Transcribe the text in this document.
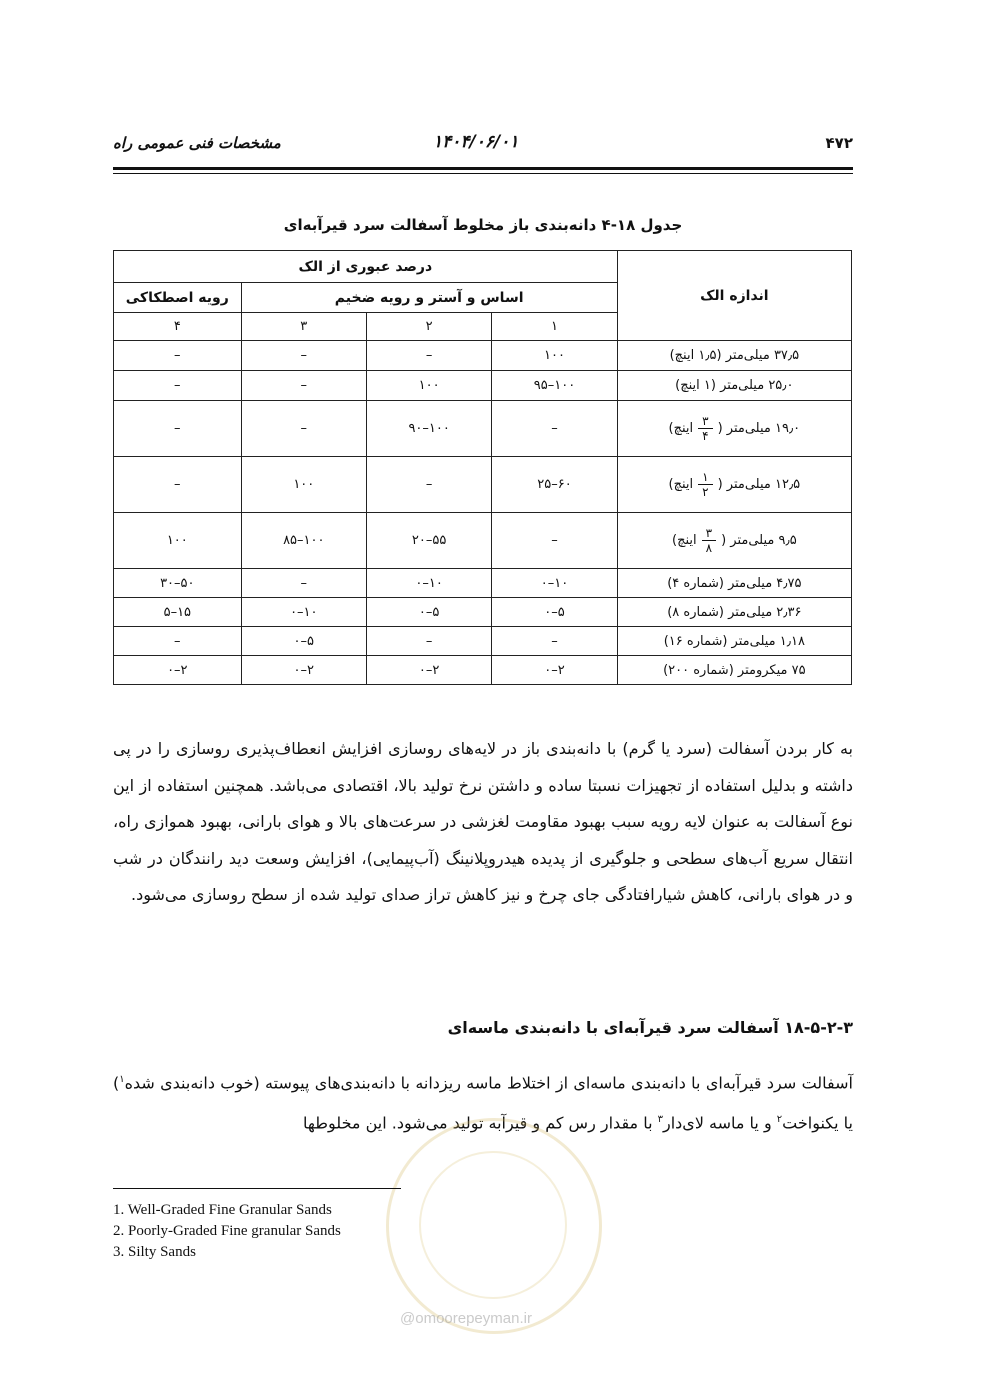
۴۷۲
۱۴۰۴/۰۶/۰۱
مشخصات فنی عمومی راه
جدول ۱۸-۴ دانه‌بندی باز مخلوط آسفالت سرد قیرآبه‌ای
اندازه الک	درصد عبوری از الک			
	اساس و آستر و رویه ضخیم			رویه اصطکاکی
	۱	۲	۳	۴
۳۷٫۵ میلی‌متر (۱٫۵ اینچ)	۱۰۰	–	–	–
۲۵٫۰ میلی‌متر (۱ اینچ)	۱۰۰–۹۵	۱۰۰	–	–
۱۹٫۰ میلی‌متر (
$\frac{۳}{۴}$
اینچ)	–	۱۰۰–۹۰	–	–
۱۲٫۵ میلی‌متر (
$\frac{۱}{۲}$
اینچ)	۶۰–۲۵	–	۱۰۰	–
۹٫۵ میلی‌متر (
$\frac{۳}{۸}$
اینچ)	–	۵۵–۲۰	۱۰۰–۸۵	۱۰۰
۴٫۷۵ میلی‌متر (شماره ۴)	۱۰–۰	۱۰–۰	–	۵۰–۳۰
۲٫۳۶ میلی‌متر (شماره ۸)	۵–۰	۵–۰	۱۰–۰	۱۵–۵
۱٫۱۸ میلی‌متر (شماره ۱۶)	–	–	۵–۰	–
۷۵ میکرومتر (شماره ۲۰۰)	۲–۰	۲–۰	۲–۰	۲–۰
به کار بردن آسفالت (سرد یا گرم) با دانه‌بندی باز در لایه‌های روسازی افزایش انعطاف‌پذیری روسازی را در پی داشته و بدلیل استفاده از تجهیزات نسبتا ساده و داشتن نرخ تولید بالا، اقتصادی می‌باشد. همچنین استفاده از این نوع آسفالت به عنوان لایه رویه سبب بهبود مقاومت لغزشی در سرعت‌های بالا و هوای بارانی، بهبود هموازی راه، انتقال سریع آب‌های سطحی و جلوگیری از پدیده هیدروپلانینگ (آب‌پیمایی)، افزایش وسعت دید رانندگان در شب و در هوای بارانی، کاهش شیارافتادگی جای چرخ و نیز کاهش تراز صدای تولید شده از سطح روسازی می‌شود.
۱۸-۵-۲-۳ آسفالت سرد قیرآبه‌ای با دانه‌بندی ماسه‌ای
آسفالت سرد قیرآبه‌ای با دانه‌بندی ماسه‌ای از اختلاط ماسه ریزدانه با دانه‌بندی‌های پیوسته (خوب دانه‌بندی شده$^۱$) یا یکنواخت$^۲$ و یا ماسه لای‌دار$^۳$ با مقدار رس کم و قیرآبه تولید می‌شود. این مخلوطها
1. Well-Graded Fine Granular Sands
2. Poorly-Graded Fine granular Sands
3. Silty Sands
@omoorepeyman.ir
